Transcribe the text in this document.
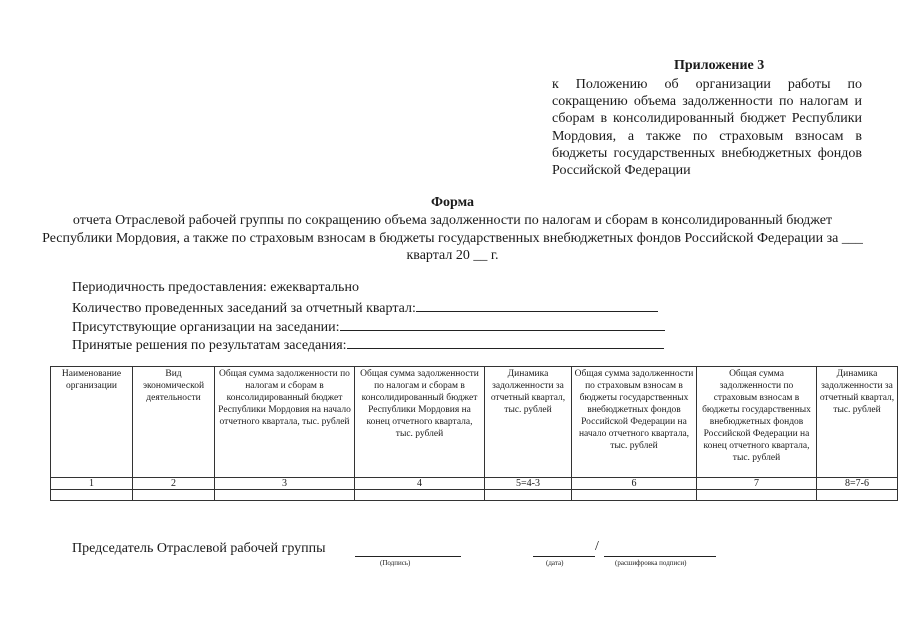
Приложение 3
к Положению об организации работы по сокращению объема задолженности по налогам и сборам в консолидированный бюджет Республики Мордовия, а также по страховым взносам в бюджеты государственных внебюджетных фондов Российской Федерации
Форма
отчета Отраслевой рабочей группы по сокращению объема задолженности по налогам и сборам в консолидированный бюджет Республики Мордовия, а также по страховым взносам в бюджеты государственных внебюджетных фондов Российской Федерации за ___ квартал 20 __ г.
Периодичность предоставления: ежеквартально
Количество проведенных заседаний за отчетный квартал:
Присутствующие организации на заседании:
Принятые решения по результатам заседания:
Наименование организации	Вид экономической деятельности	Общая сумма задолженности по налогам и сборам в консолидированный бюджет Республики Мордовия на начало отчетного квартала, тыс. рублей	Общая сумма задолженности по налогам и сборам в консолидированный бюджет Республики Мордовия на конец отчетного квартала, тыс. рублей	Динамика задолженности за отчетный квартал, тыс. рублей	Общая сумма задолженности по страховым взносам в бюджеты государственных внебюджетных фондов Российской Федерации на начало отчетного квартала, тыс. рублей	Общая сумма задолженности по страховым взносам в бюджеты государственных внебюджетных фондов Российской Федерации на конец отчетного квартала, тыс. рублей	Динамика задолженности за отчетный квартал, тыс. рублей
1	2	3	4	5=4-3	6	7	8=7-6

Председатель Отраслевой рабочей группы
(Подпись)
/
(дата)	(расшифровка подписи)
